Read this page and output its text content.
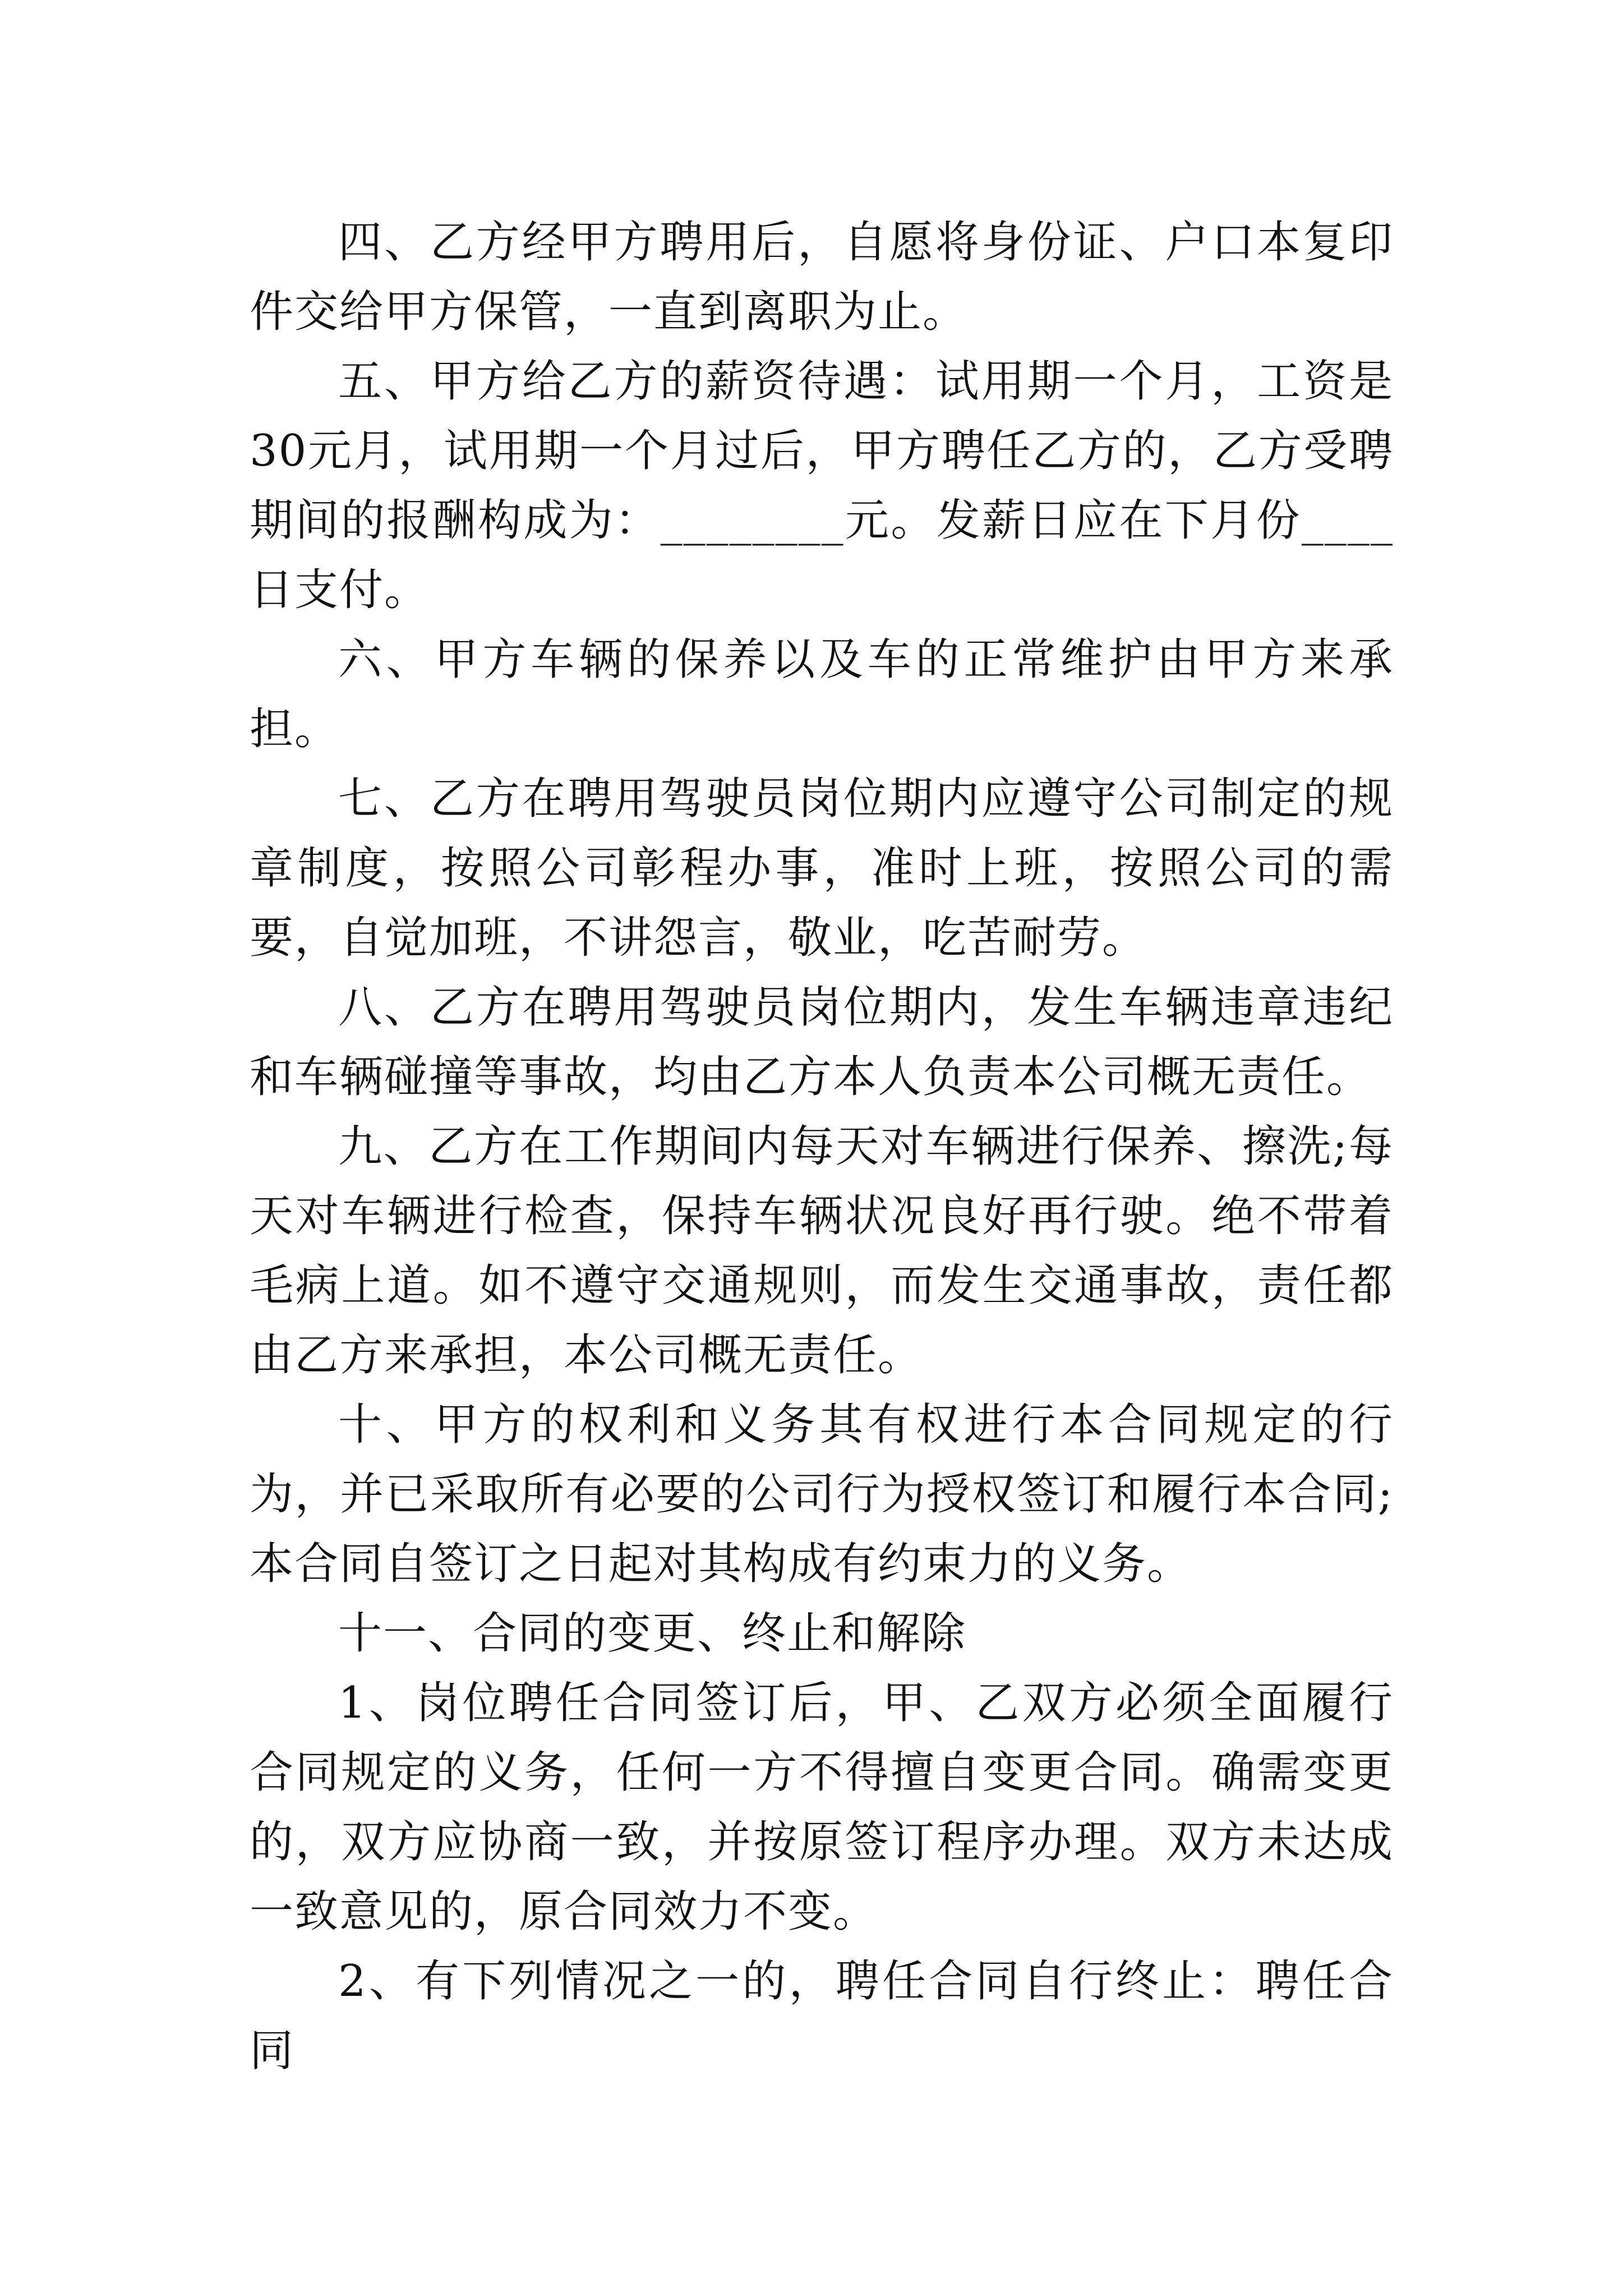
四、乙方经甲方聘用后，自愿将身份证、户口本复印件交给甲方保管，一直到离职为止。

五、甲方给乙方的薪资待遇：试用期一个月，工资是30元月，试用期一个月过后，甲方聘任乙方的，乙方受聘期间的报酬构成为：________元。发薪日应在下月份____日支付。

六、甲方车辆的保养以及车的正常维护由甲方来承担。

七、乙方在聘用驾驶员岗位期内应遵守公司制定的规章制度，按照公司彰程办事，准时上班，按照公司的需要，自觉加班，不讲怨言，敬业，吃苦耐劳。

八、乙方在聘用驾驶员岗位期内，发生车辆违章违纪和车辆碰撞等事故，均由乙方本人负责本公司概无责任。

九、乙方在工作期间内每天对车辆进行保养、擦洗;每天对车辆进行检查，保持车辆状况良好再行驶。绝不带着毛病上道。如不遵守交通规则，而发生交通事故，责任都由乙方来承担，本公司概无责任。

十、甲方的权利和义务其有权进行本合同规定的行为，并已采取所有必要的公司行为授权签订和履行本合同;本合同自签订之日起对其构成有约束力的义务。

十一、合同的变更、终止和解除

1、岗位聘任合同签订后，甲、乙双方必须全面履行合同规定的义务，任何一方不得擅自变更合同。确需变更的，双方应协商一致，并按原签订程序办理。双方未达成一致意见的，原合同效力不变。

2、有下列情况之一的，聘任合同自行终止：聘任合同
